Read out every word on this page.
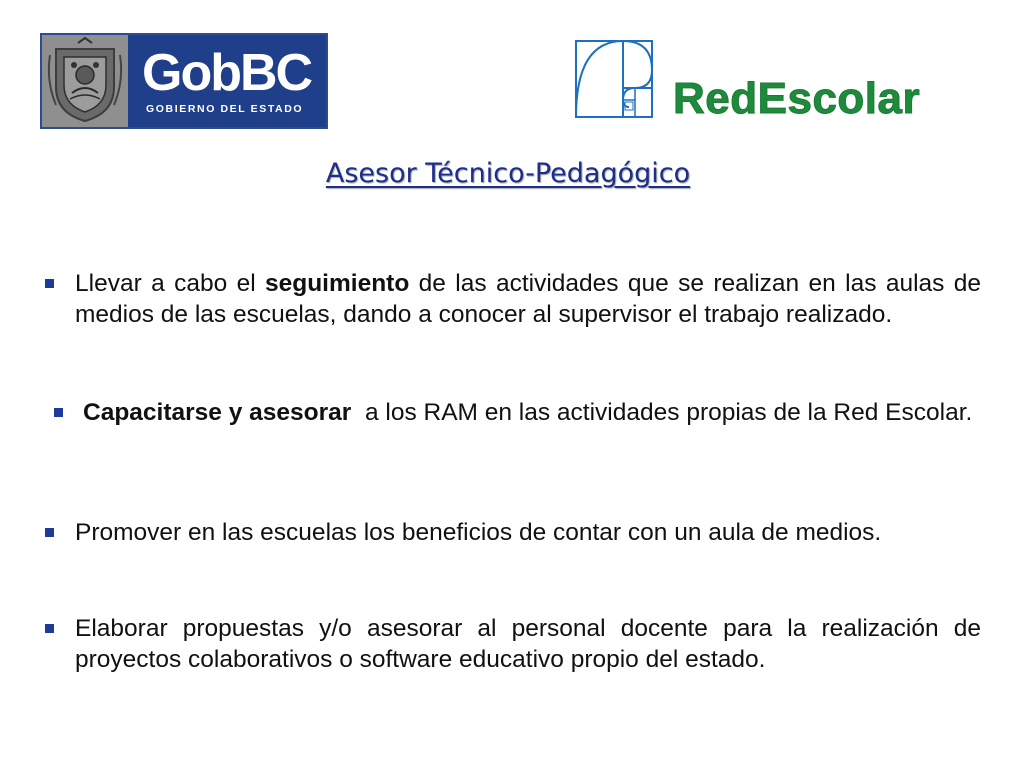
GobBC
GOBIERNO DEL ESTADO	RedEscolar
Asesor Técnico-Pedagógico
Llevar a cabo el seguimiento de las actividades que se realizan en las aulas de medios de las escuelas, dando a conocer al supervisor el trabajo realizado.
Capacitarse y asesorar  a los RAM en las actividades propias de la Red Escolar.
Promover en las escuelas los beneficios de contar con un aula de medios.
Elaborar propuestas y/o asesorar al personal docente para la realización de proyectos colaborativos o software educativo propio del estado.
